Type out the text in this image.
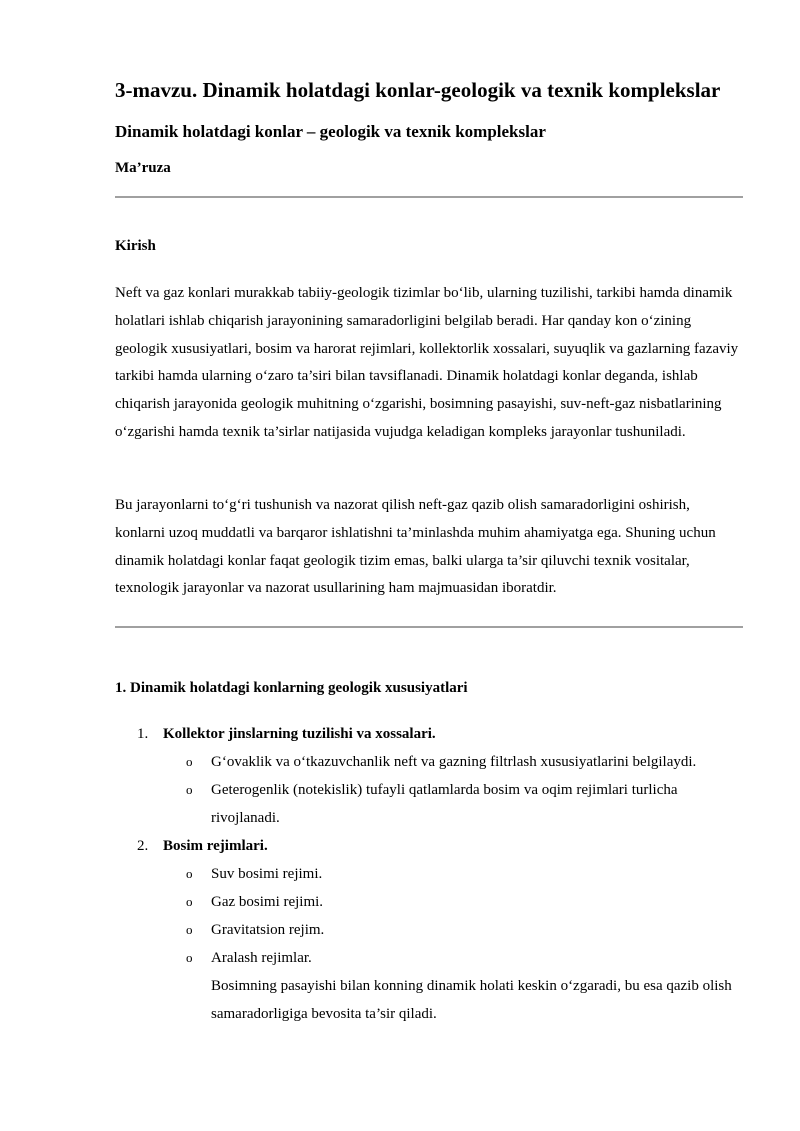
3-mavzu. Dinamik holatdagi konlar-geologik va texnik komplekslar
Dinamik holatdagi konlar – geologik va texnik komplekslar
Ma’ruza
Kirish

Neft va gaz konlari murakkab tabiiy-geologik tizimlar bo‘lib, ularning tuzilishi, tarkibi hamda dinamik holatlari ishlab chiqarish jarayonining samaradorligini belgilab beradi. Har qanday kon o‘zining geologik xususiyatlari, bosim va harorat rejimlari, kollektorlik xossalari, suyuqlik va gazlarning fazaviy tarkibi hamda ularning o‘zaro ta’siri bilan tavsiflanadi. Dinamik holatdagi konlar deganda, ishlab chiqarish jarayonida geologik muhitning o‘zgarishi, bosimning pasayishi, suv-neft-gaz nisbatlarining o‘zgarishi hamda texnik ta’sirlar natijasida vujudga keladigan kompleks jarayonlar tushuniladi.

Bu jarayonlarni to‘g‘ri tushunish va nazorat qilish neft-gaz qazib olish samaradorligini oshirish, konlarni uzoq muddatli va barqaror ishlatishni ta’minlashda muhim ahamiyatga ega. Shuning uchun dinamik holatdagi konlar faqat geologik tizim emas, balki ularga ta’sir qiluvchi texnik vositalar, texnologik jarayonlar va nazorat usullarining ham majmuasidan iboratdir.

1. Dinamik holatdagi konlarning geologik xususiyatlari
1. Kollektor jinslarning tuzilishi va xossalari.
o G‘ovaklik va o‘tkazuvchanlik neft va gazning filtrlash xususiyatlarini belgilaydi.
o Geterogenlik (notekislik) tufayli qatlamlarda bosim va oqim rejimlari turlicha rivojlanadi.
2. Bosim rejimlari.
o Suv bosimi rejimi.
o Gaz bosimi rejimi.
o Gravitatsion rejim.
o Aralash rejimlar.
Bosimning pasayishi bilan konning dinamik holati keskin o‘zgaradi, bu esa qazib olish samaradorligiga bevosita ta’sir qiladi.
